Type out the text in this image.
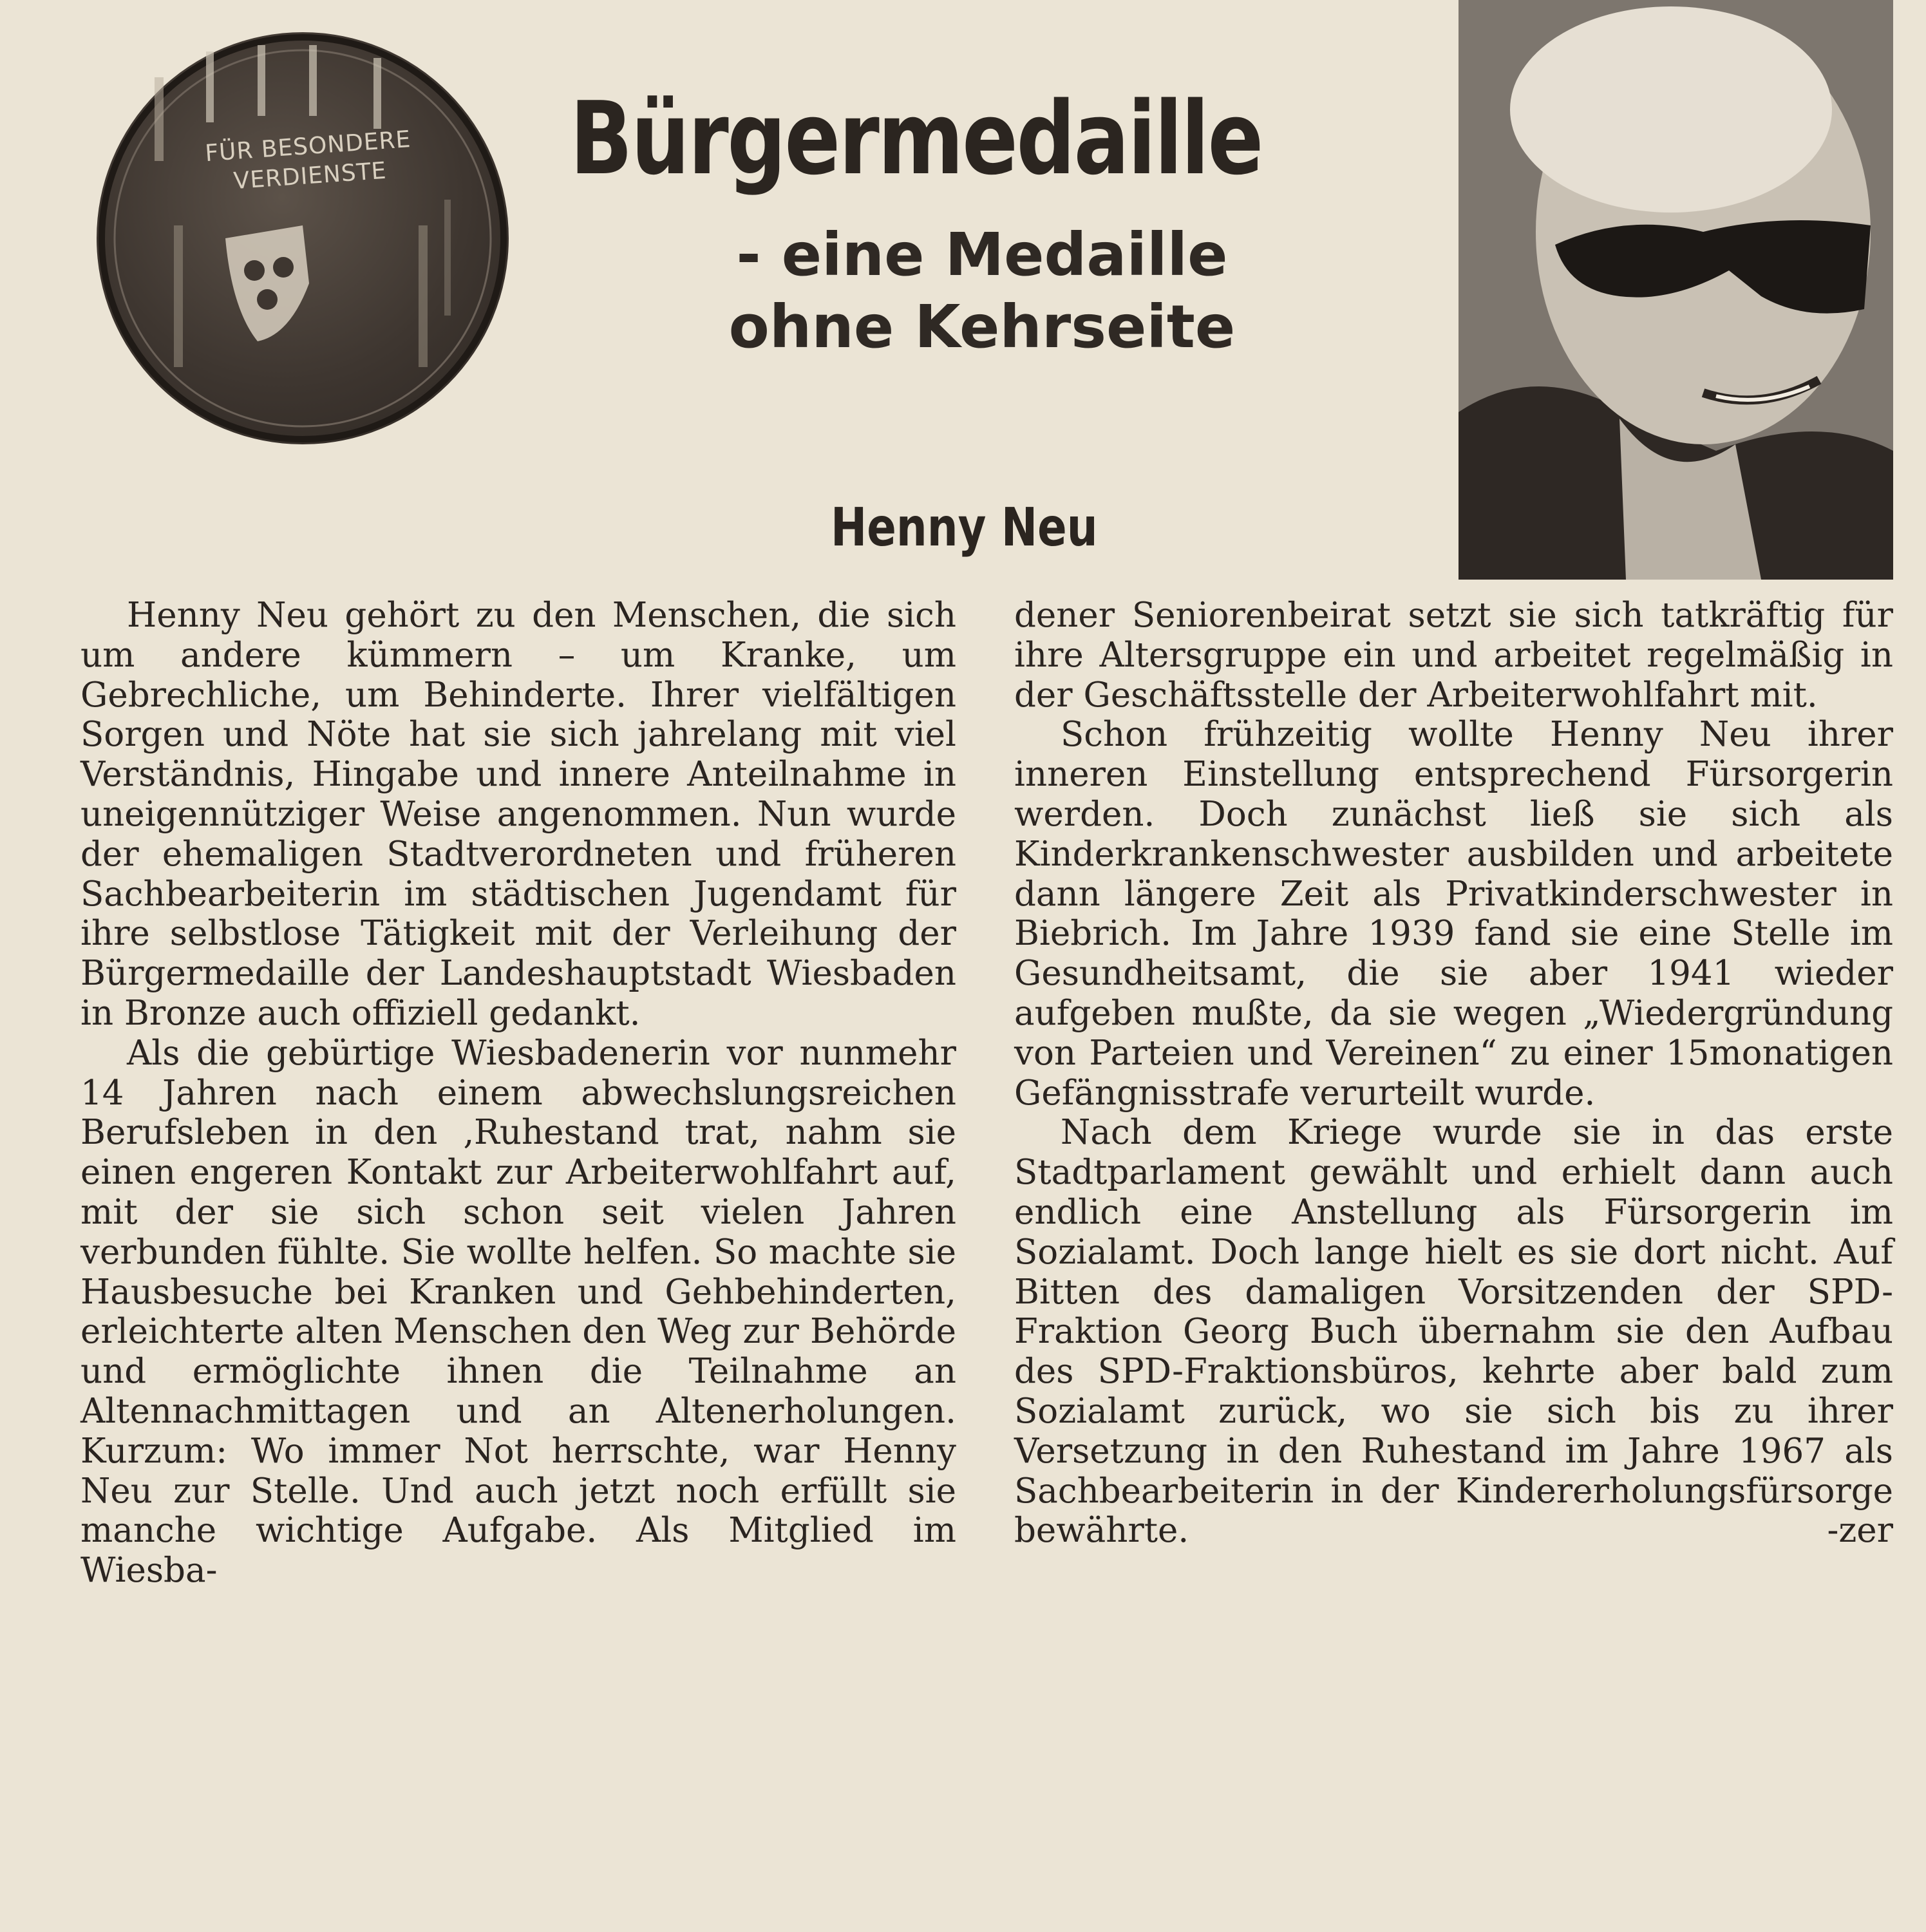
FÜR BESONDERE
VERDIENSTE	Bürgermedaille
- eine Medaille
ohne Kehrseite
Henny Neu

Henny Neu gehört zu den Menschen, die sich um andere kümmern – um Kranke, um Gebrechliche, um Behinderte. Ihrer vielfältigen Sorgen und Nöte hat sie sich jahrelang mit viel Verständnis, Hingabe und innere Anteilnahme in uneigennütziger Weise angenommen. Nun wurde der ehemaligen Stadtverordneten und früheren Sachbearbeiterin im städtischen Jugendamt für ihre selbstlose Tätigkeit mit der Verleihung der Bürgermedaille der Landeshauptstadt Wiesbaden in Bronze auch offiziell gedankt.

Als die gebürtige Wiesbadenerin vor nunmehr 14 Jahren nach einem abwechslungsreichen Berufsleben in den ‚Ruhestand trat, nahm sie einen engeren Kontakt zur Arbeiterwohlfahrt auf, mit der sie sich schon seit vielen Jahren verbunden fühlte. Sie wollte helfen. So machte sie Hausbesuche bei Kranken und Gehbehinderten, erleichterte alten Menschen den Weg zur Behörde und ermöglichte ihnen die Teilnahme an Altennachmittagen und an Altenerholungen. Kurzum: Wo immer Not herrschte, war Henny Neu zur Stelle. Und auch jetzt noch erfüllt sie manche wichtige Aufgabe. Als Mitglied im Wiesba-

dener Seniorenbeirat setzt sie sich tatkräftig für ihre Altersgruppe ein und arbeitet regelmäßig in der Geschäftsstelle der Arbeiterwohlfahrt mit.

Schon frühzeitig wollte Henny Neu ihrer inneren Einstellung entsprechend Fürsorgerin werden. Doch zunächst ließ sie sich als Kinderkrankenschwester ausbilden und arbeitete dann längere Zeit als Privatkinderschwester in Biebrich. Im Jahre 1939 fand sie eine Stelle im Gesundheitsamt, die sie aber 1941 wieder aufgeben mußte, da sie wegen „Wiedergründung von Parteien und Vereinen“ zu einer 15monatigen Gefängnisstrafe verurteilt wurde.

Nach dem Kriege wurde sie in das erste Stadtparlament gewählt und erhielt dann auch endlich eine Anstellung als Fürsorgerin im Sozialamt. Doch lange hielt es sie dort nicht. Auf Bitten des damaligen Vorsitzenden der SPD-Fraktion Georg Buch übernahm sie den Aufbau des SPD-Fraktionsbüros, kehrte aber bald zum Sozialamt zurück, wo sie sich bis zu ihrer Versetzung in den Ruhestand im Jahre 1967 als Sachbearbeiterin in der Kindererholungsfürsorge bewährte.	-zer
